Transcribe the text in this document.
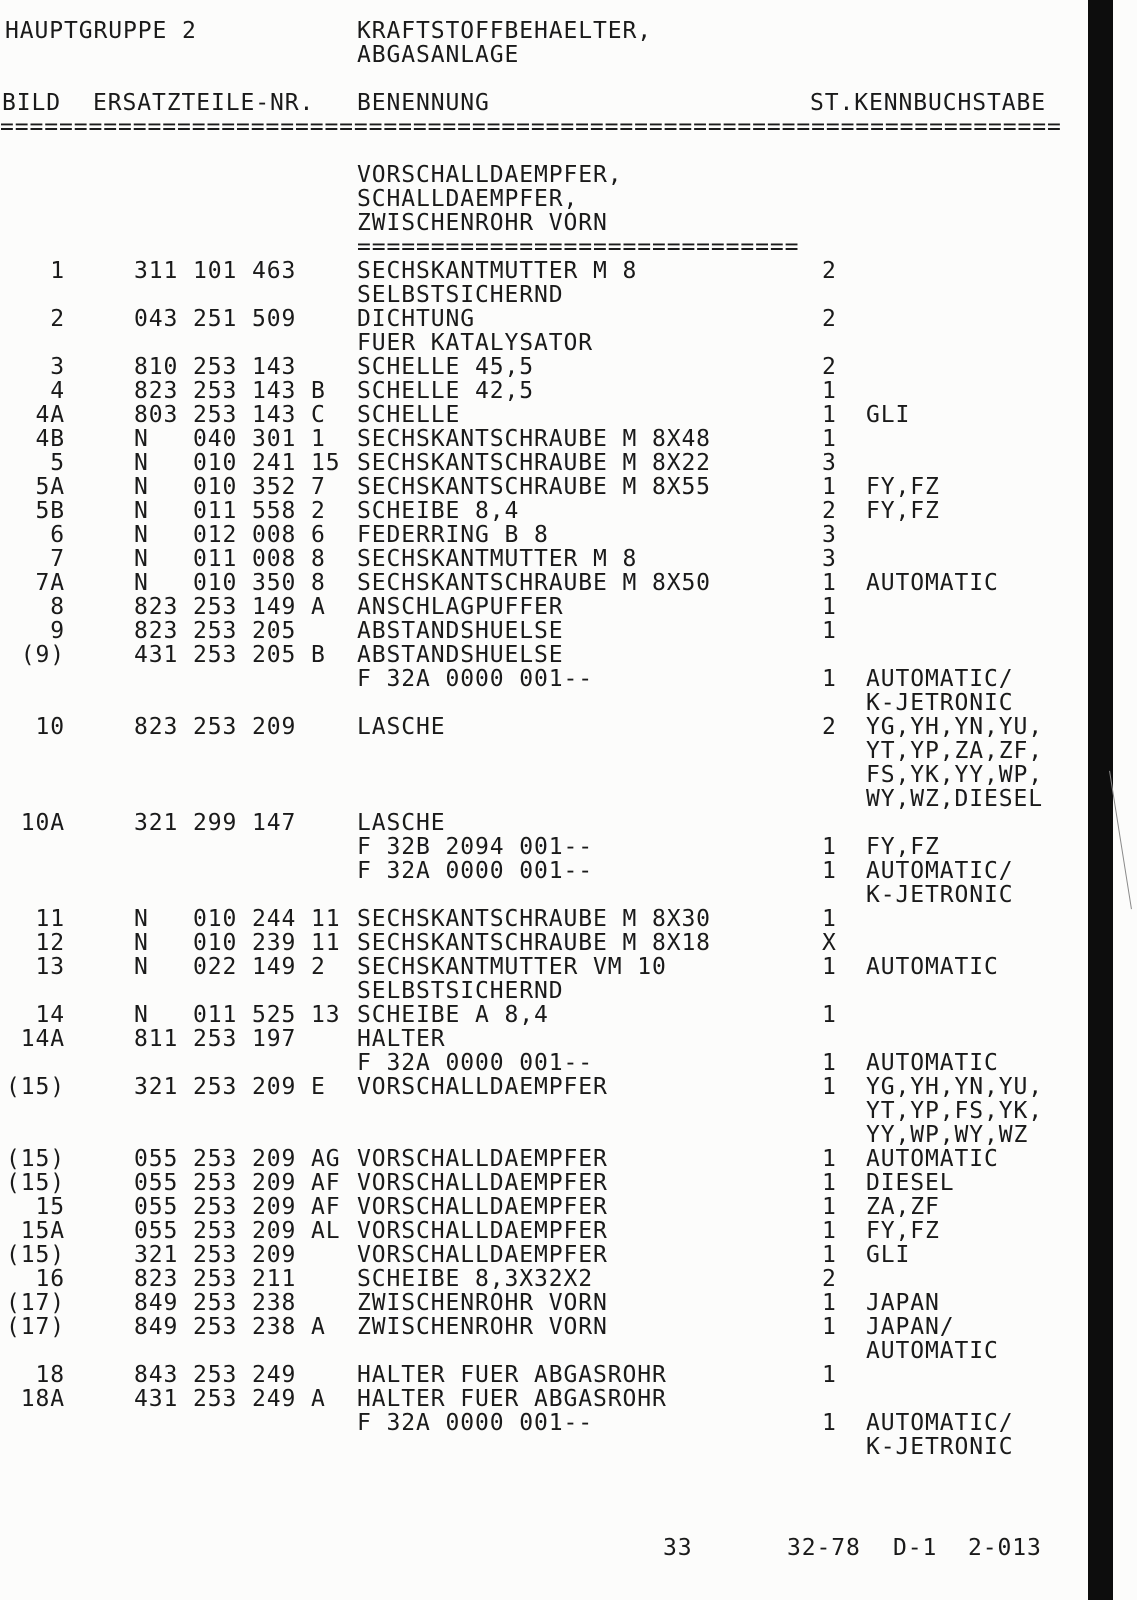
HAUPTGRUPPE 2	KRAFTSTOFFBEHAELTER,
ABGASANLAGE
BILD ERSATZTEILE-NR. BENENNUNG	ST.KENNBUCHSTABE
========================================================================
VORSCHALLDAEMPFER,
SCHALLDAEMPFER,
ZWISCHENROHR VORN
==============================
1	311 101 463	SECHSKANTMUTTER M 8	2
SELBSTSICHERND
2	043 251 509	DICHTUNG	2
FUER KATALYSATOR
3	810 253 143	SCHELLE 45,5	2
4	823 253 143 B SCHELLE 42,5	1
4A	803 253 143 C SCHELLE	1 GLI
4B	N 040 301 1 SECHSKANTSCHRAUBE M 8X48	1
5	N 010 241 15 SECHSKANTSCHRAUBE M 8X22	3
5A	N 010 352 7 SECHSKANTSCHRAUBE M 8X55	1 FY,FZ
5B	N 011 558 2 SCHEIBE 8,4	2 FY,FZ
6	N 012 008 6 FEDERRING B 8	3
7	N 011 008 8 SECHSKANTMUTTER M 8	3
7A	N 010 350 8 SECHSKANTSCHRAUBE M 8X50	1 AUTOMATIC
8	823 253 149 A ANSCHLAGPUFFER	1
9	823 253 205	ABSTANDSHUELSE	1
(9)	431 253 205 B ABSTANDSHUELSE
F 32A 0000 001--	1 AUTOMATIC/
K-JETRONIC
10	823 253 209	LASCHE	2 YG,YH,YN,YU,
YT,YP,ZA,ZF,
FS,YK,YY,WP,
WY,WZ,DIESEL
10A	321 299 147	LASCHE
F 32B 2094 001--	1 FY,FZ
F 32A 0000 001--	1 AUTOMATIC/
K-JETRONIC
11	N 010 244 11 SECHSKANTSCHRAUBE M 8X30	1
12	N 010 239 11 SECHSKANTSCHRAUBE M 8X18	X
13	N 022 149 2 SECHSKANTMUTTER VM 10	1 AUTOMATIC
SELBSTSICHERND
14	N 011 525 13 SCHEIBE A 8,4	1
14A	811 253 197	HALTER
F 32A 0000 001--	1 AUTOMATIC
(15)	321 253 209 E VORSCHALLDAEMPFER	1 YG,YH,YN,YU,
YT,YP,FS,YK,
YY,WP,WY,WZ
(15)	055 253 209 AG VORSCHALLDAEMPFER	1 AUTOMATIC
(15)	055 253 209 AF VORSCHALLDAEMPFER	1 DIESEL
15	055 253 209 AF VORSCHALLDAEMPFER	1 ZA,ZF
15A	055 253 209 AL VORSCHALLDAEMPFER	1 FY,FZ
(15)	321 253 209	VORSCHALLDAEMPFER	1 GLI
16	823 253 211	SCHEIBE 8,3X32X2	2
(17)	849 253 238	ZWISCHENROHR VORN	1 JAPAN
(17)	849 253 238 A ZWISCHENROHR VORN	1 JAPAN/
AUTOMATIC
18	843 253 249	HALTER FUER ABGASROHR	1
18A	431 253 249 A HALTER FUER ABGASROHR
F 32A 0000 001--	1 AUTOMATIC/
K-JETRONIC
33	32-78 D-1 2-013
